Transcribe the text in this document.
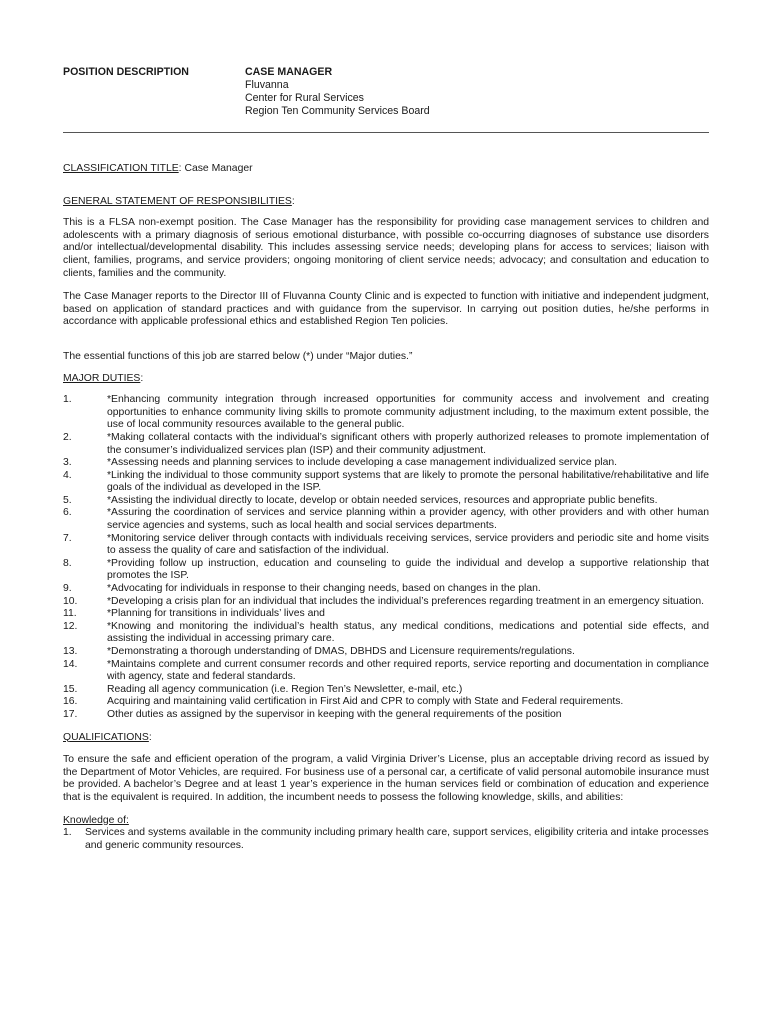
POSITION DESCRIPTION	CASE MANAGER
Fluvanna
Center for Rural Services
Region Ten Community Services Board

CLASSIFICATION TITLE: Case Manager

GENERAL STATEMENT OF RESPONSIBILITIES:

This is a FLSA non-exempt position. The Case Manager has the responsibility for providing case management services to children and adolescents with a primary diagnosis of serious emotional disturbance, with possible co-occurring diagnoses of substance use disorders and/or intellectual/developmental disability. This includes assessing service needs; developing plans for access to services; liaison with client, families, programs, and service providers; ongoing monitoring of client service needs; advocacy; and consultation and education to clients, families and the community.

The Case Manager reports to the Director III of Fluvanna County Clinic and is expected to function with initiative and independent judgment, based on application of standard practices and with guidance from the supervisor. In carrying out position duties, he/she performs in accordance with applicable professional ethics and established Region Ten policies.

The essential functions of this job are starred below (*) under “Major duties.”

MAJOR DUTIES:

1.	*Enhancing community integration through increased opportunities for community access and involvement and creating opportunities to enhance community living skills to promote community adjustment including, to the maximum extent possible, the use of local community resources available to the general public.
2.	*Making collateral contacts with the individual’s significant others with properly authorized releases to promote implementation of the consumer’s individualized services plan (ISP) and their community adjustment.
3.	*Assessing needs and planning services to include developing a case management individualized service plan.
4.	*Linking the individual to those community support systems that are likely to promote the personal habilitative/rehabilitative and life goals of the individual as developed in the ISP.
5.	*Assisting the individual directly to locate, develop or obtain needed services, resources and appropriate public benefits.
6.	*Assuring the coordination of services and service planning within a provider agency, with other providers and with other human service agencies and systems, such as local health and social services departments.
7.	*Monitoring service deliver through contacts with individuals receiving services, service providers and periodic site and home visits to assess the quality of care and satisfaction of the individual.
8.	*Providing follow up instruction, education and counseling to guide the individual and develop a supportive relationship that promotes the ISP.
9.	*Advocating for individuals in response to their changing needs, based on changes in the plan.
10.	*Developing a crisis plan for an individual that includes the individual’s preferences regarding treatment in an emergency situation.
11.	*Planning for transitions in individuals’ lives and
12.	*Knowing and monitoring the individual’s health status, any medical conditions, medications and potential side effects, and assisting the individual in accessing primary care.
13.	*Demonstrating a thorough understanding of DMAS, DBHDS and Licensure requirements/regulations.
14.	*Maintains complete and current consumer records and other required reports, service reporting and documentation in compliance with agency, state and federal standards.
15.	Reading all agency communication (i.e. Region Ten’s Newsletter, e-mail, etc.)
16.	Acquiring and maintaining valid certification in First Aid and CPR to comply with State and Federal requirements.
17.	Other duties as assigned by the supervisor in keeping with the general requirements of the position

QUALIFICATIONS:

To ensure the safe and efficient operation of the program, a valid Virginia Driver’s License, plus an acceptable driving record as issued by the Department of Motor Vehicles, are required. For business use of a personal car, a certificate of valid personal automobile insurance must be provided. A bachelor’s Degree and at least 1 year’s experience in the human services field or combination of education and experience that is the equivalent is required. In addition, the incumbent needs to possess the following knowledge, skills, and abilities:

Knowledge of:

1. Services and systems available in the community including primary health care, support services, eligibility criteria and intake processes and generic community resources.
